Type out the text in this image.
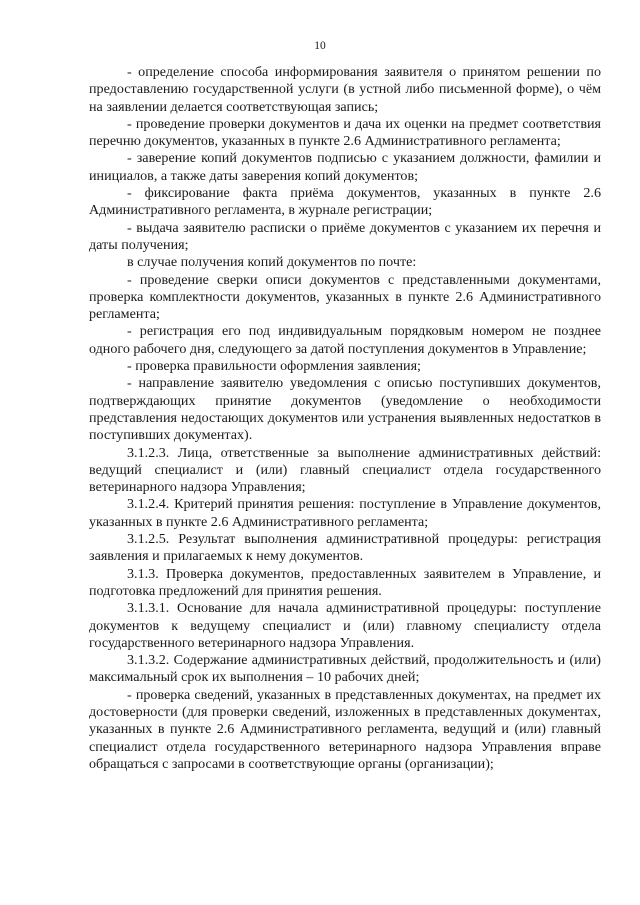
10

- определение способа информирования заявителя о принятом решении по предоставлению государственной услуги (в устной либо письменной форме), о чём на заявлении делается соответствующая запись;

- проведение проверки документов и дача их оценки на предмет соответствия перечню документов, указанных в пункте 2.6 Административного регламента;

- заверение копий документов подписью с указанием должности, фамилии и инициалов, а также даты заверения копий документов;

- фиксирование факта приёма документов, указанных в пункте 2.6 Административного регламента, в журнале регистрации;

- выдача заявителю расписки о приёме документов с указанием их перечня и даты получения;

в случае получения копий документов по почте:

- проведение сверки описи документов с представленными документами, проверка комплектности документов, указанных в пункте 2.6 Административного регламента;

- регистрация его под индивидуальным порядковым номером не позднее одного рабочего дня, следующего за датой поступления документов в Управление;

- проверка правильности оформления заявления;

- направление заявителю уведомления с описью поступивших документов, подтверждающих принятие документов (уведомление о необходимости представления недостающих документов или устранения выявленных недостатков в поступивших документах).

3.1.2.3. Лица, ответственные за выполнение административных действий: ведущий специалист и (или) главный специалист отдела государственного ветеринарного надзора Управления;

3.1.2.4. Критерий принятия решения: поступление в Управление документов, указанных в пункте 2.6 Административного регламента;

3.1.2.5. Результат выполнения административной процедуры: регистрация заявления и прилагаемых к нему документов.

3.1.3. Проверка документов, предоставленных заявителем в Управление, и подготовка предложений для принятия решения.

3.1.3.1. Основание для начала административной процедуры: поступление документов к ведущему специалист и (или) главному специалисту отдела государственного ветеринарного надзора Управления.

3.1.3.2. Содержание административных действий, продолжительность и (или) максимальный срок их выполнения – 10 рабочих дней;

- проверка сведений, указанных в представленных документах, на предмет их достоверности (для проверки сведений, изложенных в представленных документах, указанных в пункте 2.6 Административного регламента, ведущий и (или) главный специалист отдела государственного ветеринарного надзора Управления вправе обращаться с запросами в соответствующие органы (организации);
